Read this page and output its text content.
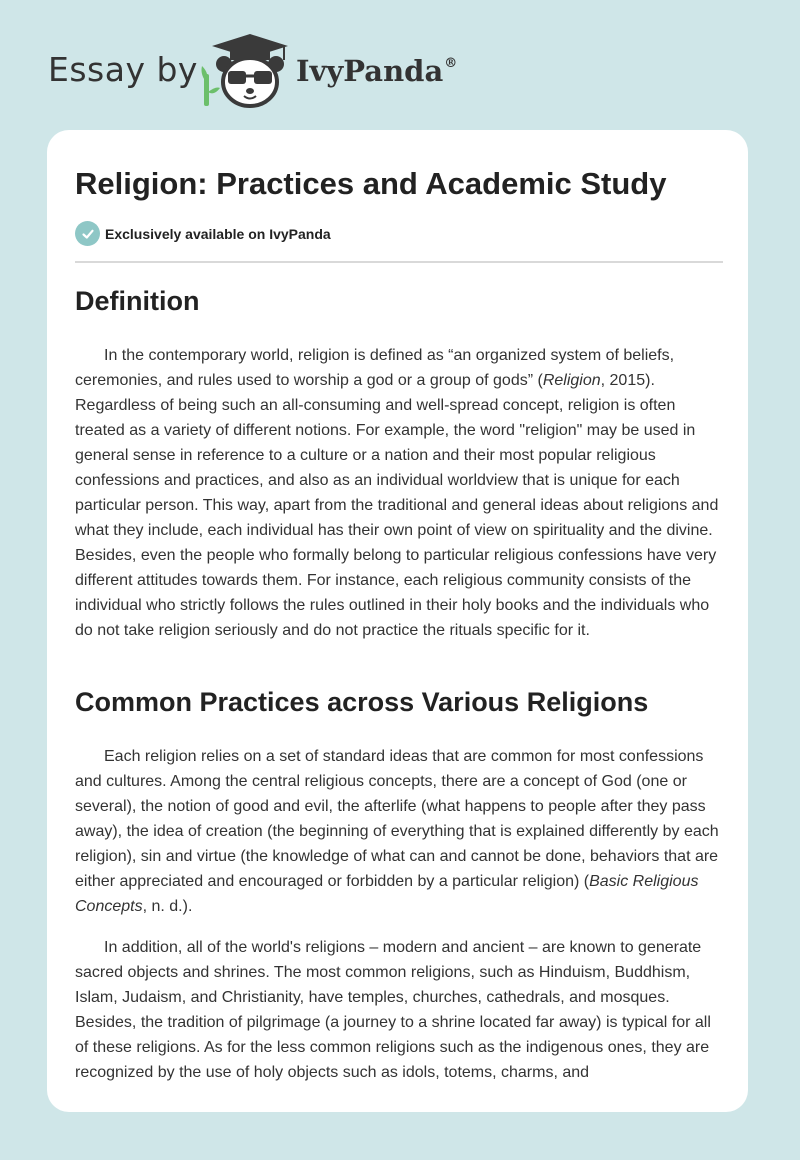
Essay by	IvyPanda®
Religion: Practices and Academic Study
Exclusively available on IvyPanda
Definition

In the contemporary world, religion is defined as “an organized system of beliefs, ceremonies, and rules used to worship a god or a group of gods” (Religion, 2015). Regardless of being such an all-consuming and well-spread concept, religion is often treated as a variety of different notions. For example, the word "religion" may be used in general sense in reference to a culture or a nation and their most popular religious confessions and practices, and also as an individual worldview that is unique for each particular person. This way, apart from the traditional and general ideas about religions and what they include, each individual has their own point of view on spirituality and the divine. Besides, even the people who formally belong to particular religious confessions have very different attitudes towards them. For instance, each religious community consists of the individual who strictly follows the rules outlined in their holy books and the individuals who do not take religion seriously and do not practice the rituals specific for it.

Common Practices across Various Religions

Each religion relies on a set of standard ideas that are common for most confessions and cultures. Among the central religious concepts, there are a concept of God (one or several), the notion of good and evil, the afterlife (what happens to people after they pass away), the idea of creation (the beginning of everything that is explained differently by each religion), sin and virtue (the knowledge of what can and cannot be done, behaviors that are either appreciated and encouraged or forbidden by a particular religion) (Basic Religious Concepts, n. d.).

In addition, all of the world's religions – modern and ancient – are known to generate sacred objects and shrines. The most common religions, such as Hinduism, Buddhism, Islam, Judaism, and Christianity, have temples, churches, cathedrals, and mosques. Besides, the tradition of pilgrimage (a journey to a shrine located far away) is typical for all of these religions. As for the less common religions such as the indigenous ones, they are recognized by the use of holy objects such as idols, totems, charms, and
